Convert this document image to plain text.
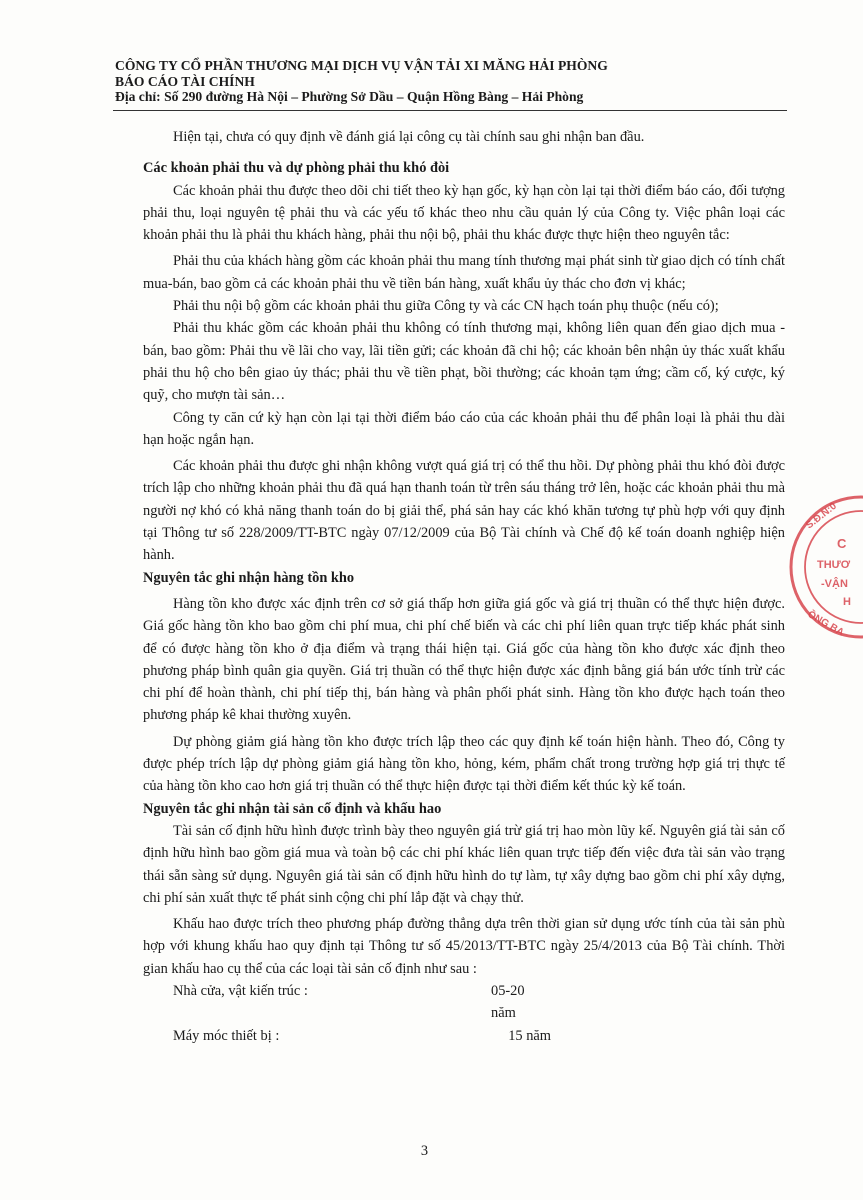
CÔNG TY CỔ PHẦN THƯƠNG MẠI DỊCH VỤ VẬN TẢI XI MĂNG HẢI PHÒNG
BÁO CÁO TÀI CHÍNH
Địa chỉ: Số 290 đường Hà Nội – Phường Sở Dầu – Quận Hồng Bàng – Hải Phòng

Hiện tại, chưa có quy định về đánh giá lại công cụ tài chính sau ghi nhận ban đầu.

Các khoản phải thu và dự phòng phải thu khó đòi

Các khoản phải thu được theo dõi chi tiết theo kỳ hạn gốc, kỳ hạn còn lại tại thời điểm báo cáo, đối tượng phải thu, loại nguyên tệ phải thu và các yếu tố khác theo nhu cầu quản lý của Công ty. Việc phân loại các khoản phải thu là phải thu khách hàng, phải thu nội bộ, phải thu khác được thực hiện theo nguyên tắc:

Phải thu của khách hàng gồm các khoản phải thu mang tính thương mại phát sinh từ giao dịch có tính chất mua-bán, bao gồm cả các khoản phải thu về tiền bán hàng, xuất khẩu ủy thác cho đơn vị khác;

Phải thu nội bộ gồm các khoản phải thu giữa Công ty và các CN hạch toán phụ thuộc (nếu có);

Phải thu khác gồm các khoản phải thu không có tính thương mại, không liên quan đến giao dịch mua - bán, bao gồm: Phải thu về lãi cho vay, lãi tiền gửi; các khoản đã chi hộ; các khoản bên nhận ủy thác xuất khẩu phải thu hộ cho bên giao ủy thác; phải thu về tiền phạt, bồi thường; các khoản tạm ứng; cầm cố, ký cược, ký quỹ, cho mượn tài sản…

Công ty căn cứ kỳ hạn còn lại tại thời điểm báo cáo của các khoản phải thu để phân loại là phải thu dài hạn hoặc ngắn hạn.

Các khoản phải thu được ghi nhận không vượt quá giá trị có thể thu hồi. Dự phòng phải thu khó đòi được trích lập cho những khoản phải thu đã quá hạn thanh toán từ trên sáu tháng trở lên, hoặc các khoản phải thu mà người nợ khó có khả năng thanh toán do bị giải thể, phá sản hay các khó khăn tương tự phù hợp với quy định tại Thông tư số 228/2009/TT-BTC ngày 07/12/2009 của Bộ Tài chính và Chế độ kế toán doanh nghiệp hiện hành.

Nguyên tắc ghi nhận hàng tồn kho

Hàng tồn kho được xác định trên cơ sở giá thấp hơn giữa giá gốc và giá trị thuần có thể thực hiện được. Giá gốc hàng tồn kho bao gồm chi phí mua, chi phí chế biến và các chi phí liên quan trực tiếp khác phát sinh để có được hàng tồn kho ở địa điểm và trạng thái hiện tại. Giá gốc của hàng tồn kho được xác định theo phương pháp bình quân gia quyền. Giá trị thuần có thể thực hiện được xác định bằng giá bán ước tính trừ các chi phí để hoàn thành, chi phí tiếp thị, bán hàng và phân phối phát sinh. Hàng tồn kho được hạch toán theo phương pháp kê khai thường xuyên.

Dự phòng giảm giá hàng tồn kho được trích lập theo các quy định kế toán hiện hành. Theo đó, Công ty được phép trích lập dự phòng giảm giá hàng tồn kho, hỏng, kém, phẩm chất trong trường hợp giá trị thực tế của hàng tồn kho cao hơn giá trị thuần có thể thực hiện được tại thời điểm kết thúc kỳ kế toán.

Nguyên tắc ghi nhận tài sản cố định và khấu hao

Tài sản cố định hữu hình được trình bày theo nguyên giá trừ giá trị hao mòn lũy kế. Nguyên giá tài sản cố định hữu hình bao gồm giá mua và toàn bộ các chi phí khác liên quan trực tiếp đến việc đưa tài sản vào trạng thái sẵn sàng sử dụng. Nguyên giá tài sản cố định hữu hình do tự làm, tự xây dựng bao gồm chi phí xây dựng, chi phí sản xuất thực tế phát sinh cộng chi phí lắp đặt và chạy thử.

Khấu hao được trích theo phương pháp đường thẳng dựa trên thời gian sử dụng ước tính của tài sản phù hợp với khung khấu hao quy định tại Thông tư số 45/2013/TT-BTC ngày 25/4/2013 của Bộ Tài chính. Thời gian khấu hao cụ thể của các loại tài sản cố định như sau :

Nhà cửa, vật kiến trúc :	05-20 năm
Máy móc thiết bị :	15 năm
S.Đ.N:0
C
THƯƠ
-VẬN
H
ỒNG BA
3
